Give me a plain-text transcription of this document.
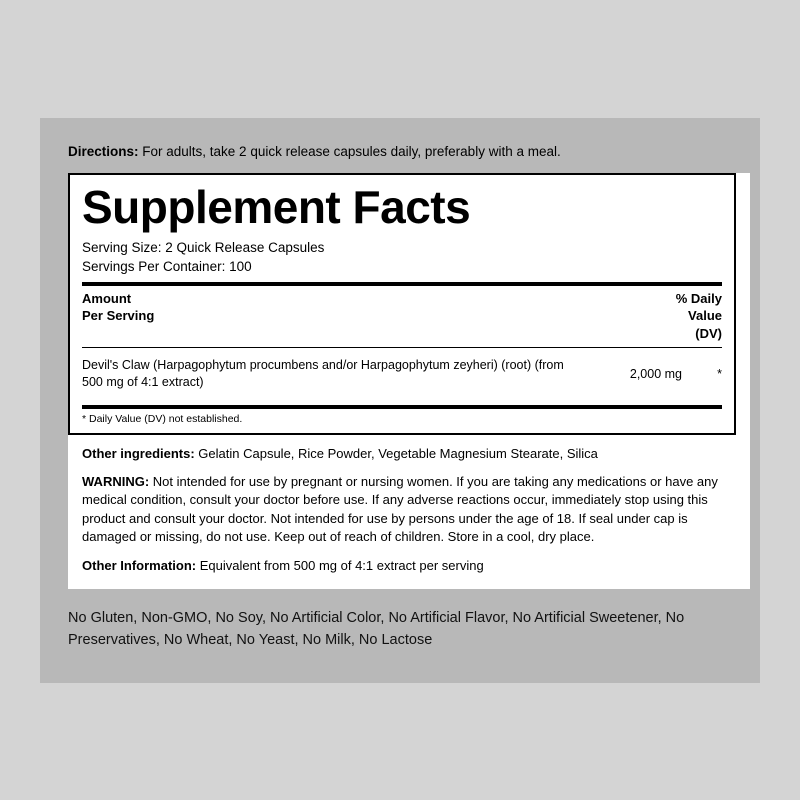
Directions: For adults, take 2 quick release capsules daily, preferably with a meal.
Supplement Facts
Serving Size: 2 Quick Release Capsules
Servings Per Container: 100
Amount
Per Serving
% Daily
Value
(DV)
Devil's Claw (Harpagophytum procumbens and/or Harpagophytum zeyheri) (root) (from 500 mg of 4:1 extract)
2,000 mg	*
* Daily Value (DV) not established.

Other ingredients: Gelatin Capsule, Rice Powder, Vegetable Magnesium Stearate, Silica

WARNING: Not intended for use by pregnant or nursing women. If you are taking any medications or have any medical condition, consult your doctor before use. If any adverse reactions occur, immediately stop using this product and consult your doctor. Not intended for use by persons under the age of 18. If seal under cap is damaged or missing, do not use. Keep out of reach of children. Store in a cool, dry place.

Other Information: Equivalent from 500 mg of 4:1 extract per serving

No Gluten, Non-GMO, No Soy, No Artificial Color, No Artificial Flavor, No Artificial Sweetener, No Preservatives, No Wheat, No Yeast, No Milk, No Lactose
